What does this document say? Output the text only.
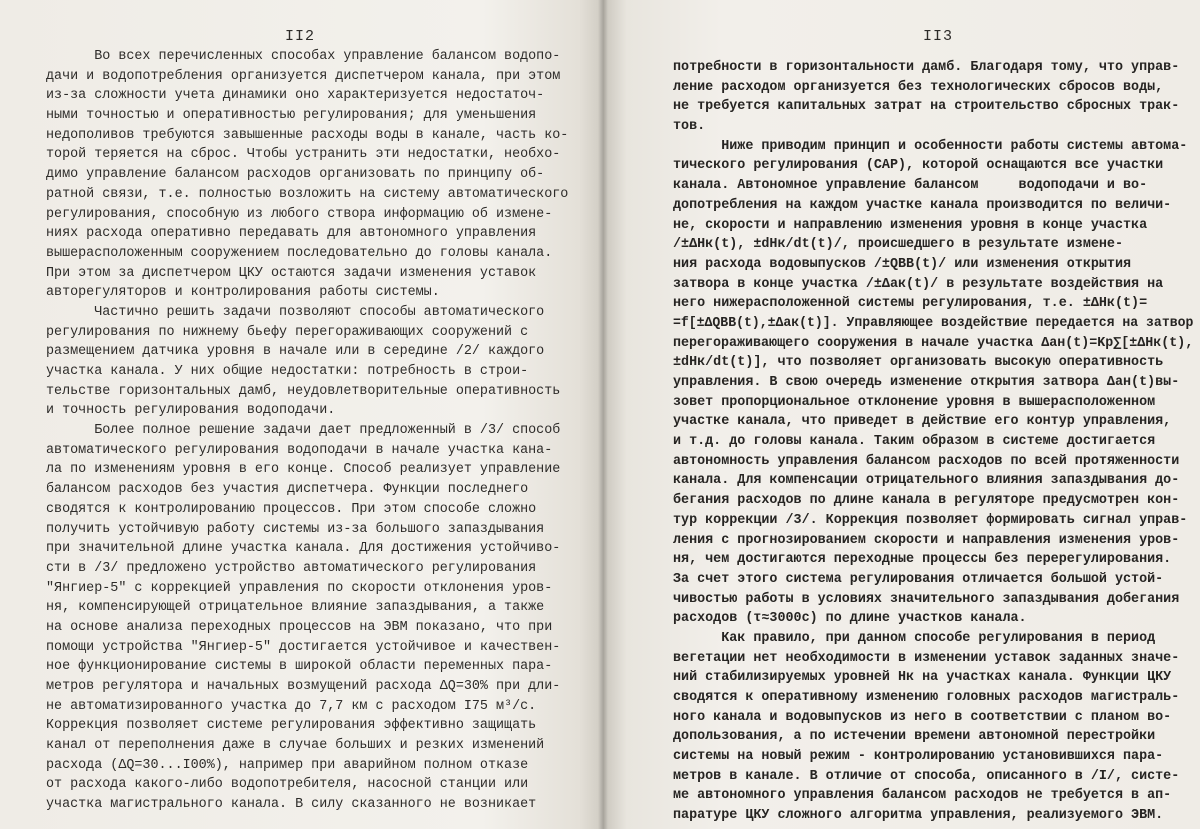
II2
Во всех перечисленных способах управление балансом водопо-
дачи и водопотребления организуется диспетчером канала, при этом
из-за сложности учета динамики оно характеризуется недостаточ-
ными точностью и оперативностью регулирования; для уменьшения
недополивов требуются завышенные расходы воды в канале, часть ко-
торой теряется на сброс. Чтобы устранить эти недостатки, необхо-
димо управление балансом расходов организовать по принципу об-
ратной связи, т.е. полностью возложить на систему автоматического
регулирования, способную из любого створа информацию об измене-
ниях расхода оперативно передавать для автономного управления
вышерасположенным сооружением последовательно до головы канала.
При этом за диспетчером ЦКУ остаются задачи изменения уставок
авторегуляторов и контролирования работы системы.
Частично решить задачи позволяют способы автоматического
регулирования по нижнему бьефу перегораживающих сооружений с
размещением датчика уровня в начале или в середине /2/ каждого
участка канала. У них общие недостатки: потребность в строи-
тельстве горизонтальных дамб, неудовлетворительные оперативность
и точность регулирования водоподачи.
Более полное решение задачи дает предложенный в /3/ способ
автоматического регулирования водоподачи в начале участка кана-
ла по изменениям уровня в его конце. Способ реализует управление
балансом расходов без участия диспетчера. Функции последнего
сводятся к контролированию процессов. При этом способе сложно
получить устойчивую работу системы из-за большого запаздывания
при значительной длине участка канала. Для достижения устойчиво-
сти в /3/ предложено устройство автоматического регулирования
"Янгиер-5" с коррекцией управления по скорости отклонения уров-
ня, компенсирующей отрицательное влияние запаздывания, а также
на основе анализа переходных процессов на ЭВМ показано, что при
помощи устройства "Янгиер-5" достигается устойчивое и качествен-
ное функционирование системы в широкой области переменных пара-
метров регулятора и начальных возмущений расхода ΔQ=30% при дли-
не автоматизированного участка до 7,7 км с расходом I75 м³/с.
Коррекция позволяет системе регулирования эффективно защищать
канал от переполнения даже в случае больших и резких изменений
расхода (ΔQ=30...I00%), например при аварийном полном отказе
от расхода какого-либо водопотребителя, насосной станции или
участка магистрального канала. В силу сказанного не возникает
II3
потребности в горизонтальности дамб. Благодаря тому, что управ-
ление расходом организуется без технологических сбросов воды,
не требуется капитальных затрат на строительство сбросных трак-
тов.
Ниже приводим принцип и особенности работы системы автома-
тического регулирования (САР), которой оснащаются все участки
канала. Автономное управление балансом     водоподачи и во-
допотребления на каждом участке канала производится по величи-
не, скорости и направлению изменения уровня в конце участка
/±ΔHк(t), ±dHк/dt(t)/, происшедшего в результате измене-
ния расхода водовыпусков /±QВВ(t)/ или изменения открытия
затвора в конце участка /±Δaк(t)/ в результате воздействия на
него нижерасположенной системы регулирования, т.е. ±ΔHк(t)=
=f[±ΔQВВ(t),±Δaк(t)]. Управляющее воздействие передается на затвор
перегораживающего сооружения в начале участка Δaн(t)=Kр∑[±ΔHк(t),
±dHк/dt(t)], что позволяет организовать высокую оперативность
управления. В свою очередь изменение открытия затвора Δaн(t)вы-
зовет пропорциональное отклонение уровня в вышерасположенном
участке канала, что приведет в действие его контур управления,
и т.д. до головы канала. Таким образом в системе достигается
автономность управления балансом расходов по всей протяженности
канала. Для компенсации отрицательного влияния запаздывания до-
бегания расходов по длине канала в регуляторе предусмотрен кон-
тур коррекции /3/. Коррекция позволяет формировать сигнал управ-
ления с прогнозированием скорости и направления изменения уров-
ня, чем достигаются переходные процессы без перерегулирования.
За счет этого система регулирования отличается большой устой-
чивостью работы в условиях значительного запаздывания добегания
расходов (τ≈3000с) по длине участков канала.
Как правило, при данном способе регулирования в период
вегетации нет необходимости в изменении уставок заданных значе-
ний стабилизируемых уровней Hк на участках канала. Функции ЦКУ
сводятся к оперативному изменению головных расходов магистраль-
ного канала и водовыпусков из него в соответствии с планом во-
допользования, а по истечении времени автономной перестройки
системы на новый режим - контролированию установившихся пара-
метров в канале. В отличие от способа, описанного в /I/, систе-
ме автономного управления балансом расходов не требуется в ап-
паратуре ЦКУ сложного алгоритма управления, реализуемого ЭВМ.
